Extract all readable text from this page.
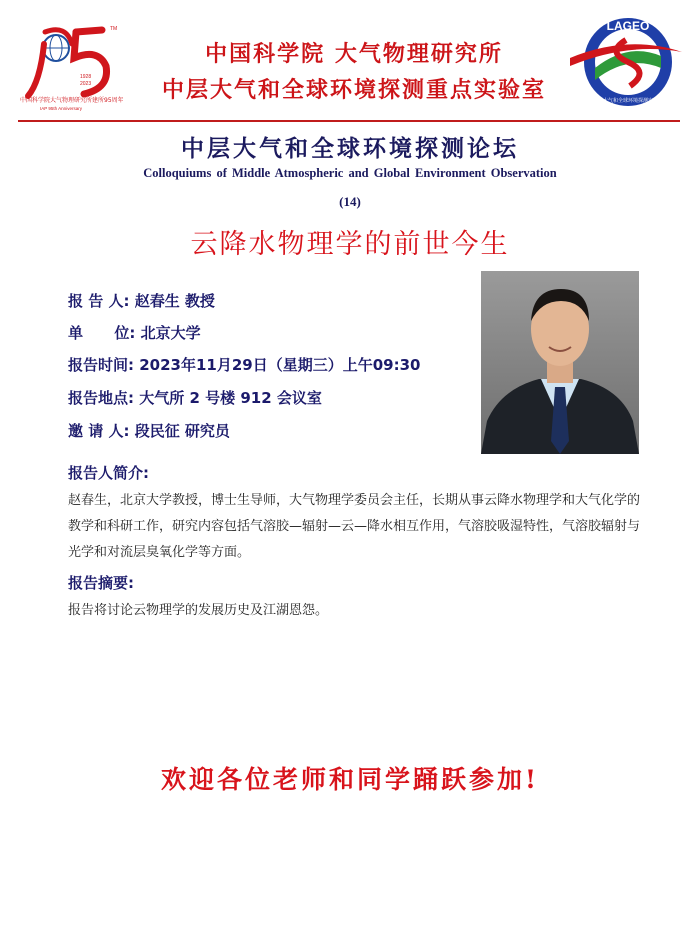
TM
1928
2023
中国科学院大气物理研究所建所95周年
IAP 95th Anniversary
中国科学院 大气物理研究所
中层大气和全球环境探测重点实验室
LAGEO
中层大气和全球环境探测实验室
中层大气和全球环境探测论坛
Colloquiums of Middle Atmospheric and Global Environment Observation
(14)
云降水物理学的前世今生
报 告 人: 赵春生 教授
单      位: 北京大学
报告时间: 2023年11月29日（星期三）上午09:30
报告地点: 大气所 2 号楼 912 会议室
邀 请 人: 段民征 研究员
报告人简介:
赵春生，北京大学教授，博士生导师，大气物理学委员会主任，长期从事云降水物理学和大气化学的教学和科研工作，研究内容包括气溶胶—辐射—云—降水相互作用，气溶胶吸湿特性，气溶胶辐射与光学和对流层臭氧化学等方面。
报告摘要:
报告将讨论云物理学的发展历史及江湖恩怨。
欢迎各位老师和同学踊跃参加!
